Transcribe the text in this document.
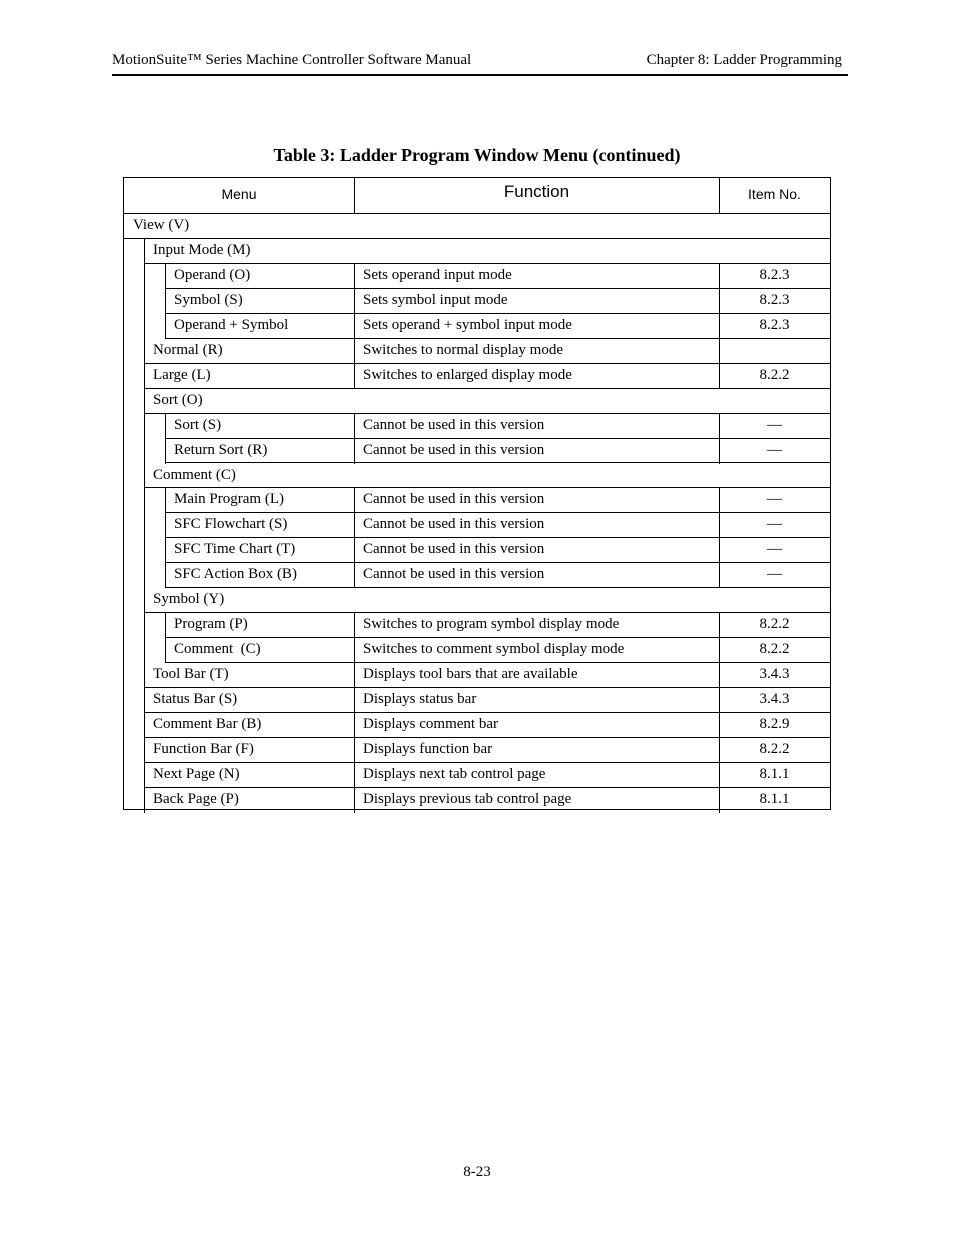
MotionSuite™ Series Machine Controller Software Manual	Chapter 8: Ladder Programming
Table 3: Ladder Program Window Menu (continued)
Menu	Function	Item No.
View (V)
Input Mode (M)
Operand (O)	Sets operand input mode	8.2.3
Symbol (S)	Sets symbol input mode	8.2.3
Operand + Symbol	Sets operand + symbol input mode	8.2.3
Normal (R)	Switches to normal display mode
Large (L)	Switches to enlarged display mode	8.2.2
Sort (O)
Sort (S)	Cannot be used in this version	—
Return Sort (R)	Cannot be used in this version	—
Comment (C)
Main Program (L)	Cannot be used in this version	—
SFC Flowchart (S)	Cannot be used in this version	—
SFC Time Chart (T)	Cannot be used in this version	—
SFC Action Box (B)	Cannot be used in this version	—
Symbol (Y)
Program (P)	Switches to program symbol display mode	8.2.2
Comment  (C)	Switches to comment symbol display mode	8.2.2
Tool Bar (T)	Displays tool bars that are available	3.4.3
Status Bar (S)	Displays status bar	3.4.3
Comment Bar (B)	Displays comment bar	8.2.9
Function Bar (F)	Displays function bar	8.2.2
Next Page (N)	Displays next tab control page	8.1.1
Back Page (P)	Displays previous tab control page	8.1.1
8-23
